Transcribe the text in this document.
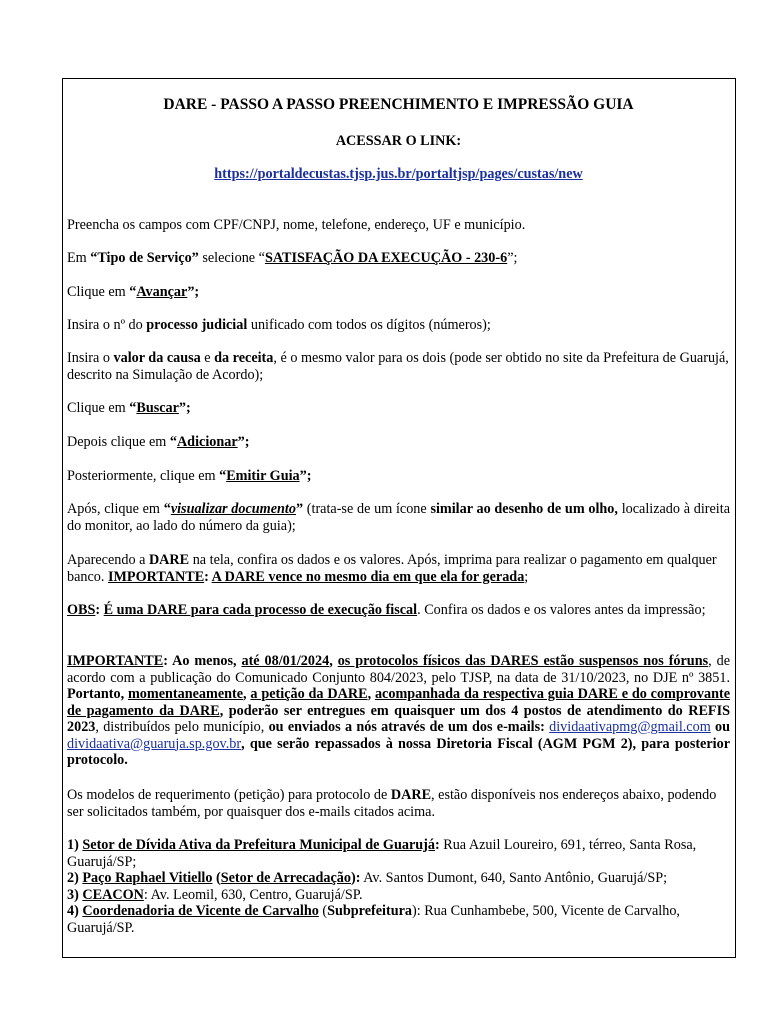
DARE - PASSO A PASSO PREENCHIMENTO E IMPRESSÃO GUIA
ACESSAR O LINK:
https://portaldecustas.tjsp.jus.br/portaltjsp/pages/custas/new

Preencha os campos com CPF/CNPJ, nome, telefone, endereço, UF e município.

Em “Tipo de Serviço” selecione “SATISFAÇÃO DA EXECUÇÃO - 230-6”;

Clique em “Avançar”;

Insira o nº do processo judicial unificado com todos os dígitos (números);

Insira o valor da causa e da receita, é o mesmo valor para os dois (pode ser obtido no site da Prefeitura de Guarujá, descrito na Simulação de Acordo);

Clique em “Buscar”;

Depois clique em “Adicionar”;

Posteriormente, clique em “Emitir Guia”;

Após, clique em “visualizar documento” (trata-se de um ícone similar ao desenho de um olho, localizado à direita do monitor, ao lado do número da guia);

Aparecendo a DARE na tela, confira os dados e os valores. Após, imprima para realizar o pagamento em qualquer banco. IMPORTANTE: A DARE vence no mesmo dia em que ela for gerada;

OBS: É uma DARE para cada processo de execução fiscal. Confira os dados e os valores antes da impressão;

IMPORTANTE: Ao menos, até 08/01/2024, os protocolos físicos das DARES estão suspensos nos fóruns, de acordo com a publicação do Comunicado Conjunto 804/2023, pelo TJSP, na data de 31/10/2023, no DJE nº 3851. Portanto, momentaneamente, a petição da DARE, acompanhada da respectiva guia DARE e do comprovante de pagamento da DARE, poderão ser entregues em quaisquer um dos 4 postos de atendimento do REFIS 2023, distribuídos pelo município, ou enviados a nós através de um dos e-mails: dividaativapmg@gmail.com ou dividaativa@guaruja.sp.gov.br, que serão repassados à nossa Diretoria Fiscal (AGM PGM 2), para posterior protocolo.

Os modelos de requerimento (petição) para protocolo de DARE, estão disponíveis nos endereços abaixo, podendo ser solicitados também, por quaisquer dos e-mails citados acima.

1) Setor de Dívida Ativa da Prefeitura Municipal de Guarujá: Rua Azuil Loureiro, 691, térreo, Santa Rosa, Guarujá/SP;
2) Paço Raphael Vitiello (Setor de Arrecadação): Av. Santos Dumont, 640, Santo Antônio, Guarujá/SP;
3) CEACON: Av. Leomil, 630, Centro, Guarujá/SP.
4) Coordenadoria de Vicente de Carvalho (Subprefeitura): Rua Cunhambebe, 500, Vicente de Carvalho, Guarujá/SP.
